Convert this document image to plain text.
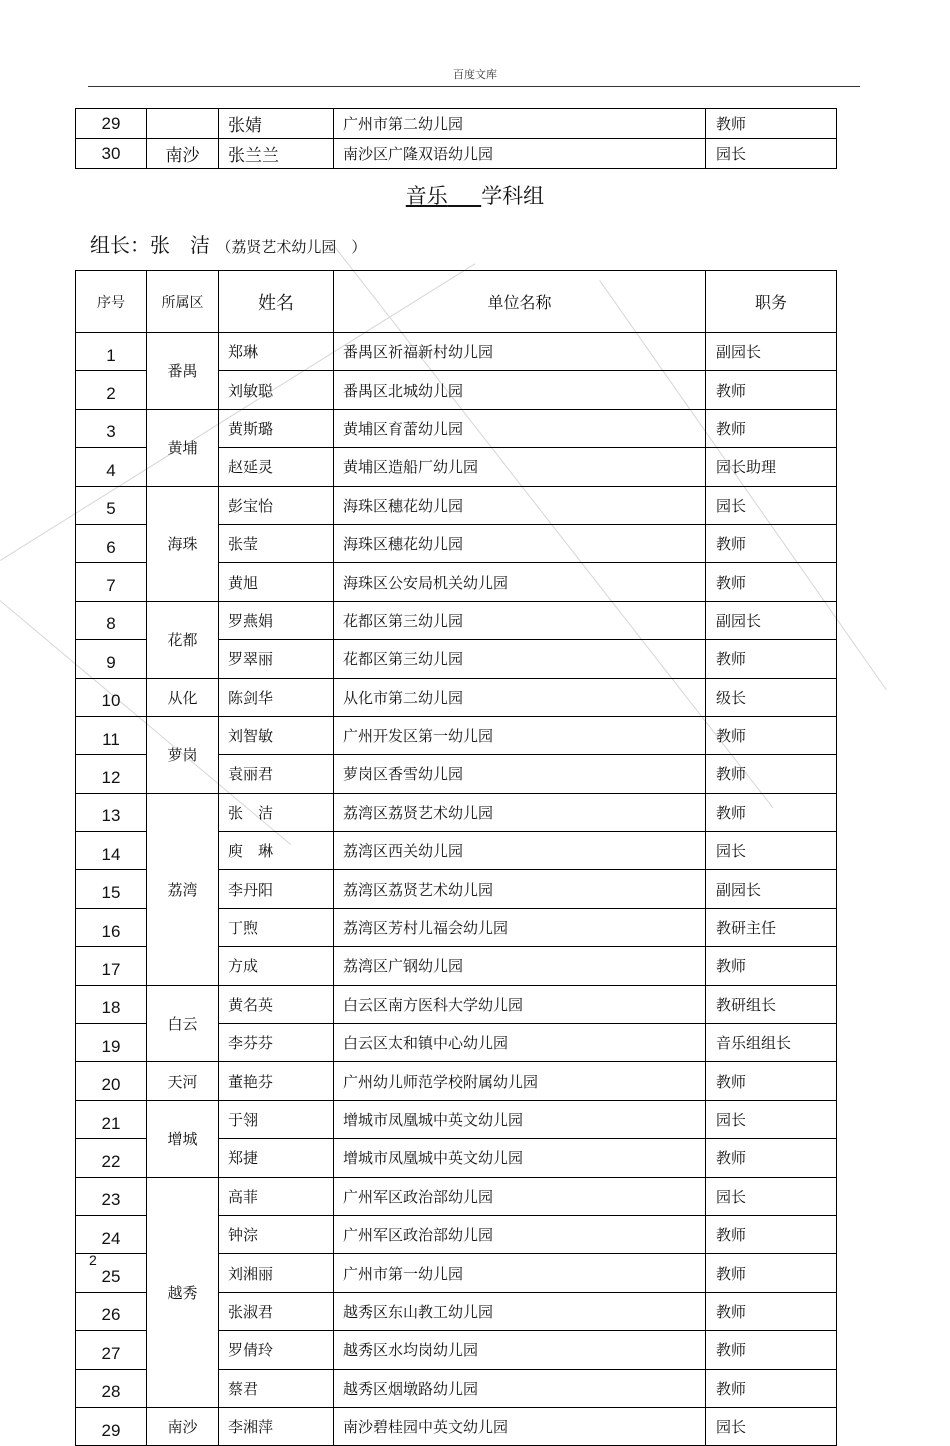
百度文库
29		张婧	广州市第二幼儿园	教师
30	南沙	张兰兰	南沙区广隆双语幼儿园	园长
音乐 学科组
组长：张　洁 （荔贤艺术幼儿园　）
序号	所属区	姓名	单位名称	职务
1	番禺	郑琳	番禺区祈福新村幼儿园	副园长
2		刘敏聪	番禺区北城幼儿园	教师
3	黄埔	黄斯璐	黄埔区育蕾幼儿园	教师
4		赵延灵	黄埔区造船厂幼儿园	园长助理
5	海珠	彭宝怡	海珠区穗花幼儿园	园长
6		张莹	海珠区穗花幼儿园	教师
7		黄旭	海珠区公安局机关幼儿园	教师
8	花都	罗燕娟	花都区第三幼儿园	副园长
9		罗翠丽	花都区第三幼儿园	教师
10	从化	陈剑华	从化市第二幼儿园	级长
11	萝岗	刘智敏	广州开发区第一幼儿园	教师
12		袁丽君	萝岗区香雪幼儿园	教师
13	荔湾	张　洁	荔湾区荔贤艺术幼儿园	教师
14		庾　琳	荔湾区西关幼儿园	园长
15		李丹阳	荔湾区荔贤艺术幼儿园	副园长
16		丁煦	荔湾区芳村儿福会幼儿园	教研主任
17		方成	荔湾区广钢幼儿园	教师
18	白云	黄名英	白云区南方医科大学幼儿园	教研组长
19		李芬芬	白云区太和镇中心幼儿园	音乐组组长
20	天河	董艳芬	广州幼儿师范学校附属幼儿园	教师
21	增城	于翎	增城市凤凰城中英文幼儿园	园长
22		郑捷	增城市凤凰城中英文幼儿园	教师
23	越秀	高菲	广州军区政治部幼儿园	园长
24		钟淙	广州军区政治部幼儿园	教师
25		刘湘丽	广州市第一幼儿园	教师
26		张淑君	越秀区东山教工幼儿园	教师
27		罗倩玲	越秀区水均岗幼儿园	教师
28		蔡君	越秀区烟墩路幼儿园	教师
29	南沙	李湘萍	南沙碧桂园中英文幼儿园	园长
2
